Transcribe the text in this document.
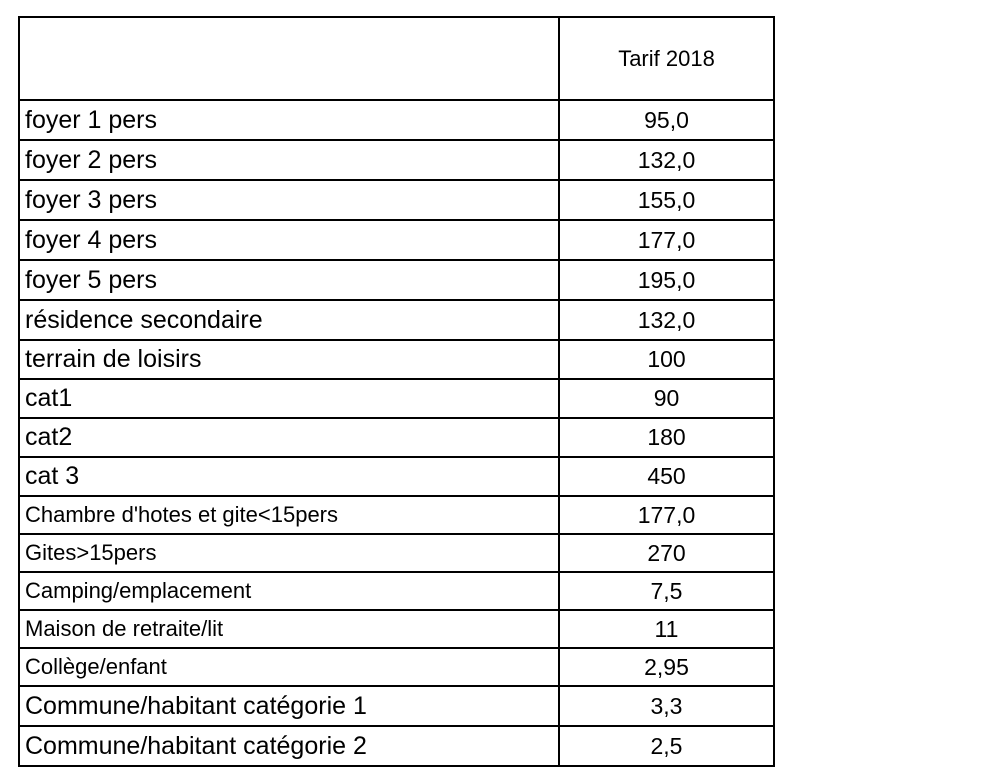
	Tarif 2018
foyer 1 pers	95,0
foyer 2 pers	132,0
foyer 3 pers	155,0
foyer 4 pers	177,0
foyer 5 pers	195,0
résidence secondaire	132,0
terrain de loisirs	100
cat1	90
cat2	180
cat 3	450
Chambre d'hotes et gite<15pers	177,0
Gites>15pers	270
Camping/emplacement	7,5
Maison de retraite/lit	11
Collège/enfant	2,95
Commune/habitant catégorie 1	3,3
Commune/habitant catégorie 2	2,5
